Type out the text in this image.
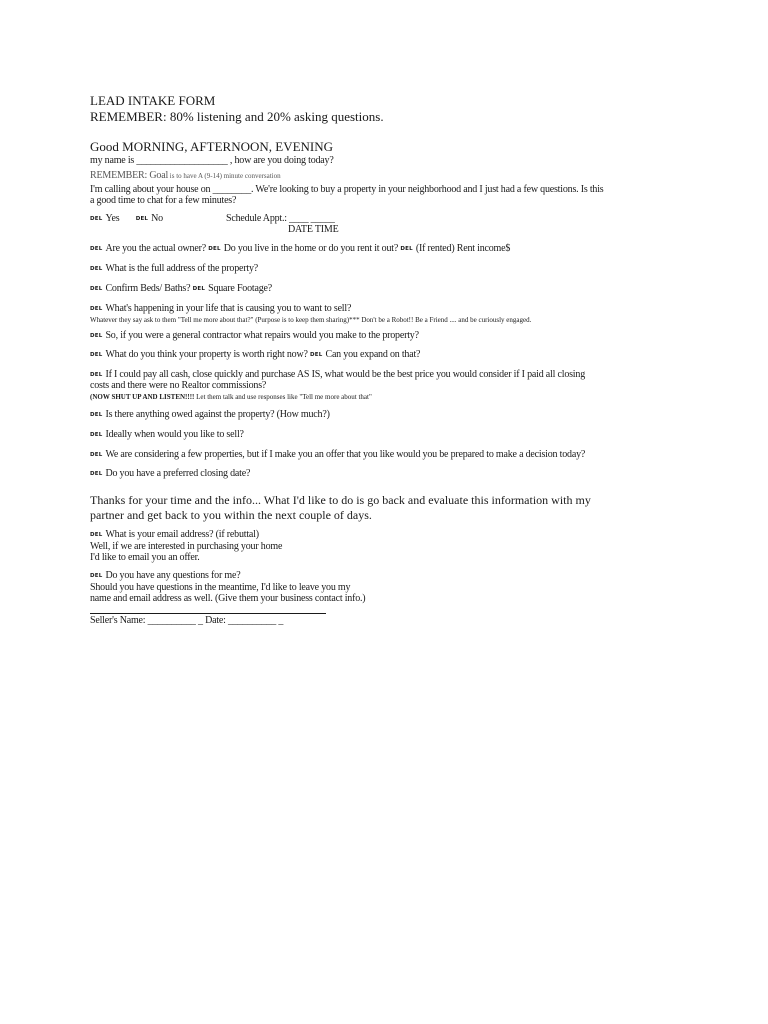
LEAD INTAKE FORM
REMEMBER: 80% listening and 20% asking questions.
Good MORNING, AFTERNOON, EVENING
my name is ___________________ , how are you doing today?
REMEMBER: Goal is to have A (9-14) minute conversation
I'm calling about your house on ________. We're looking to buy a property in your neighborhood and I just had a few questions. Is this
a good time to chat for a few minutes?
DEL Yes	DEL No	Schedule Appt.: ____ _____
DATE TIME
DEL Are you the actual owner? DEL Do you live in the home or do you rent it out? DEL (If rented) Rent income$
DEL What is the full address of the property?
DEL Confirm Beds/ Baths? DEL Square Footage?
DEL What's happening in your life that is causing you to want to sell?
Whatever they say ask to them "Tell me more about that?" (Purpose is to keep them sharing)*** Don't be a Robot!! Be a Friend .... and be curiously engaged.
DEL So, if you were a general contractor what repairs would you make to the property?
DEL What do you think your property is worth right now? DEL Can you expand on that?
DEL If I could pay all cash, close quickly and purchase AS IS, what would be the best price you would consider if I paid all closing
costs and there were no Realtor commissions?
(NOW SHUT UP AND LISTEN!!!! Let them talk and use responses like "Tell me more about that"
DEL Is there anything owed against the property? (How much?)
DEL Ideally when would you like to sell?
DEL We are considering a few properties, but if I make you an offer that you like would you be prepared to make a decision today?
DEL Do you have a preferred closing date?
Thanks for your time and the info... What I'd like to do is go back and evaluate this information with my
partner and get back to you within the next couple of days.
DEL What is your email address? (if rebuttal)
Well, if we are interested in purchasing your home
I'd like to email you an offer.
DEL Do you have any questions for me?
Should you have questions in the meantime, I'd like to leave you my
name and email address as well. (Give them your business contact info.)
Seller's Name: __________ _ Date: __________ _
